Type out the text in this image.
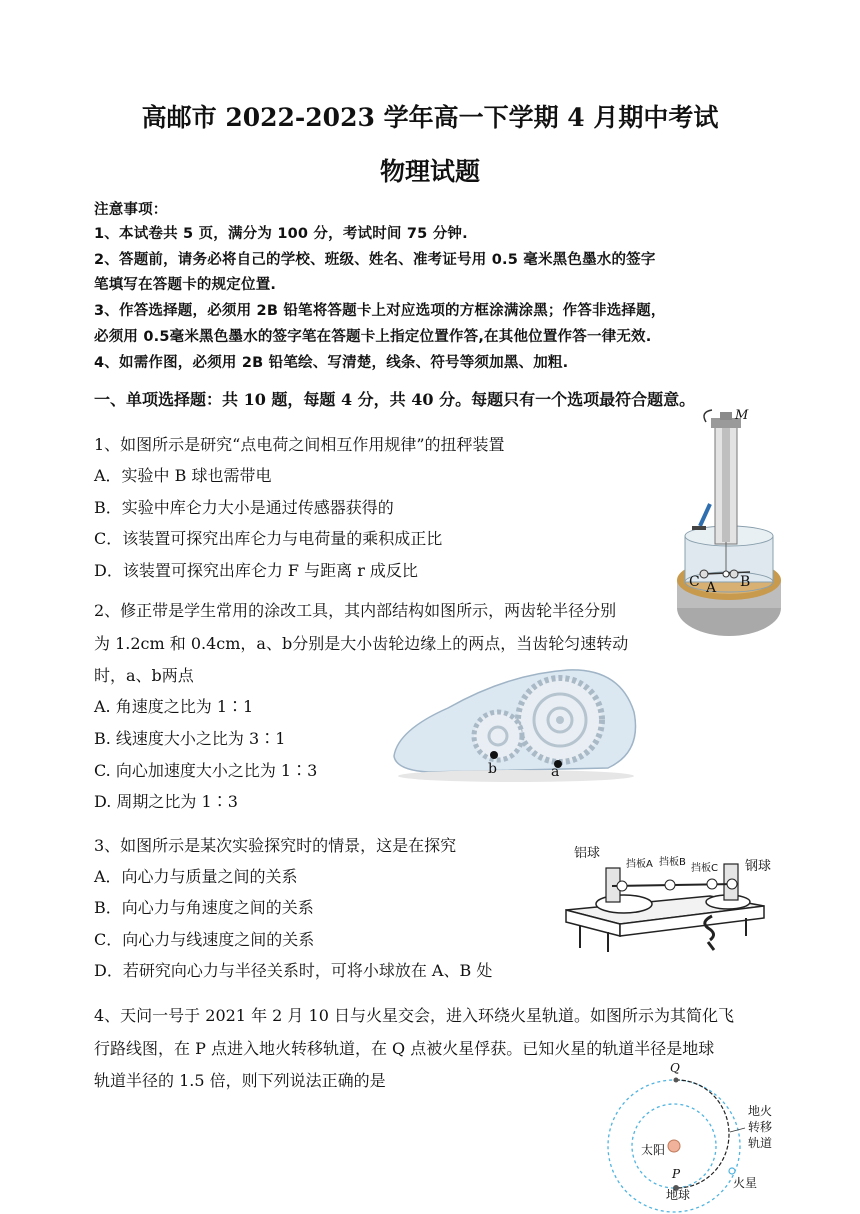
高邮市 2022-2023 学年高一下学期 4 月期中考试
物理试题
注意事项：
1、本试卷共 5 页，满分为 100 分，考试时间 75 分钟.
2、答题前，请务必将自己的学校、班级、姓名、准考证号用 0.5 毫米黑色墨水的签字
笔填写在答题卡的规定位置.
3、作答选择题，必须用 2B 铅笔将答题卡上对应选项的方框涂满涂黑；作答非选择题，
必须用 0.5毫米黑色墨水的签字笔在答题卡上指定位置作答,在其他位置作答一律无效.
4、如需作图，必须用 2B 铅笔绘、写清楚，线条、符号等须加黑、加粗.
一、单项选择题：共 10 题，每题 4 分，共 40 分。每题只有一个选项最符合题意。
1、如图所示是研究“点电荷之间相互作用规律”的扭秤装置
A．实验中 B 球也需带电
B．实验中库仑力大小是通过传感器获得的
C．该装置可探究出库仑力与电荷量的乘积成正比
D．该装置可探究出库仑力 F 与距离 r 成反比
M
C A B
2、修正带是学生常用的涂改工具，其内部结构如图所示，两齿轮半径分别
为 1.2cm 和 0.4cm，a、b分别是大小齿轮边缘上的两点，当齿轮匀速转动
时，a、b两点
A. 角速度之比为 1∶1
B. 线速度大小之比为 3∶1
C. 向心加速度大小之比为 1∶3
D. 周期之比为 1∶3
b	a
3、如图所示是某次实验探究时的情景，这是在探究
A．向心力与质量之间的关系
B．向心力与角速度之间的关系
C．向心力与线速度之间的关系
D．若研究向心力与半径关系时，可将小球放在 A、B 处
铝球
钢球
挡板A 挡板B
挡板C
4、天问一号于 2021 年 2 月 10 日与火星交会，进入环绕火星轨道。如图所示为其简化飞
行路线图，在 P 点进入地火转移轨道，在 Q 点被火星俘获。已知火星的轨道半径是地球
轨道半径的 1.5 倍，则下列说法正确的是
Q
P
太阳
地球
火星
地火
转移
轨道
